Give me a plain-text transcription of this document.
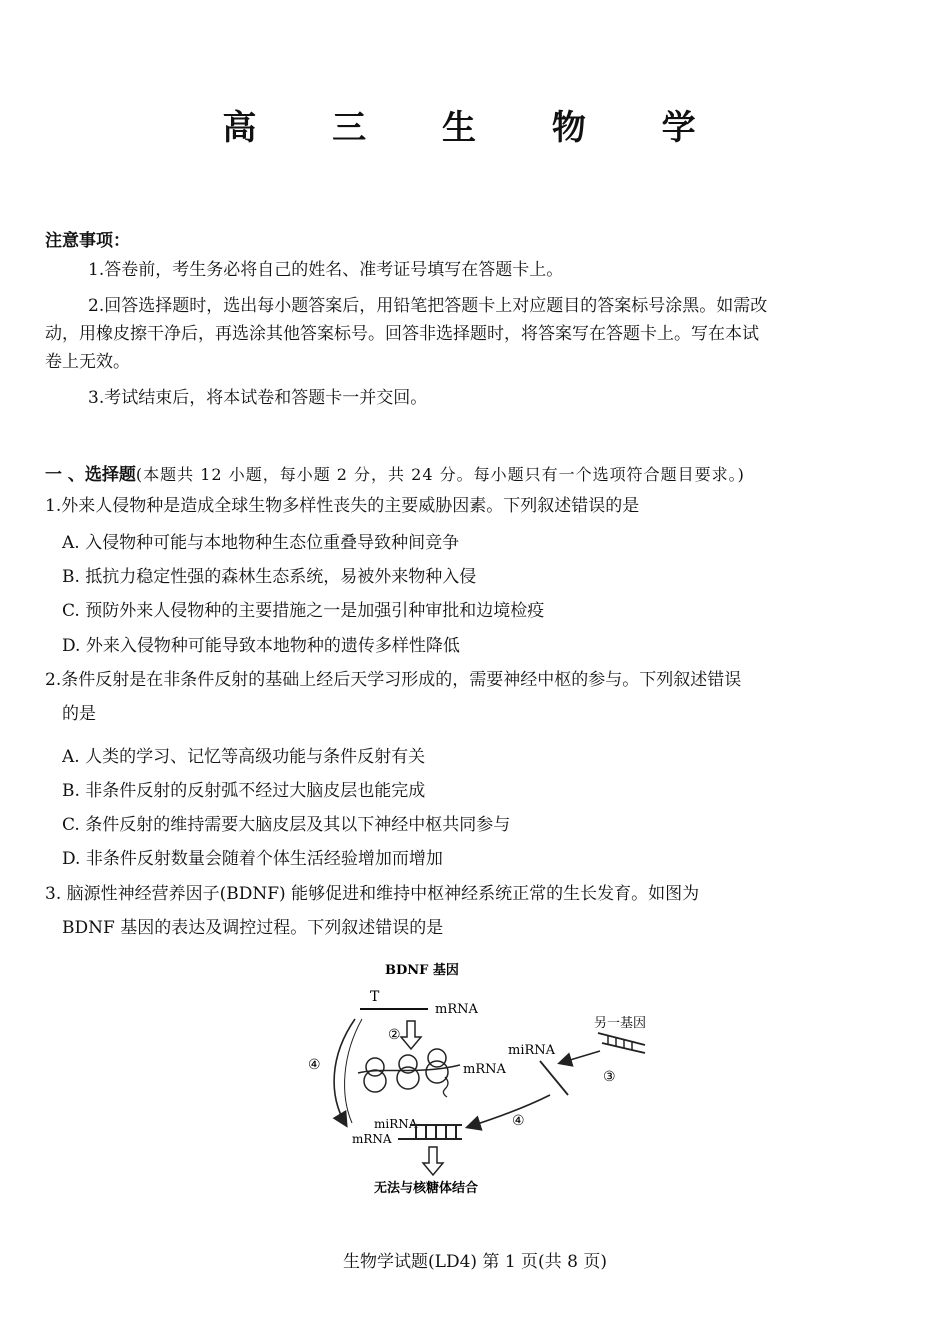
高 三 生 物 学
注意事项：
1.答卷前，考生务必将自己的姓名、准考证号填写在答题卡上。
2.回答选择题时，选出每小题答案后，用铅笔把答题卡上对应题目的答案标号涂黑。如需改
动，用橡皮擦干净后，再选涂其他答案标号。回答非选择题时，将答案写在答题卡上。写在本试
卷上无效。
3.考试结束后，将本试卷和答题卡一并交回。
一 、选择题(本题共 12 小题，每小题 2 分，共 24 分。每小题只有一个选项符合题目要求。)
1.外来人侵物种是造成全球生物多样性丧失的主要威胁因素。下列叙述错误的是
A. 入侵物种可能与本地物种生态位重叠导致种间竞争
B. 抵抗力稳定性强的森林生态系统，易被外来物种入侵
C. 预防外来人侵物种的主要措施之一是加强引种审批和边境检疫
D. 外来入侵物种可能导致本地物种的遗传多样性降低
2.条件反射是在非条件反射的基础上经后天学习形成的，需要神经中枢的参与。下列叙述错误
的是
A. 人类的学习、记忆等高级功能与条件反射有关
B. 非条件反射的反射弧不经过大脑皮层也能完成
C. 条件反射的维持需要大脑皮层及其以下神经中枢共同参与
D. 非条件反射数量会随着个体生活经验增加而增加
3. 脑源性神经营养因子(BDNF) 能够促进和维持中枢神经系统正常的生长发育。如图为
BDNF 基因的表达及调控过程。下列叙述错误的是
BDNF 基因
T
mRNA
②
mRNA
miRNA
另一基因
③
④
④
miRNA
mRNA
无法与核糖体结合
生物学试题(LD4) 第 1 页(共 8 页)
